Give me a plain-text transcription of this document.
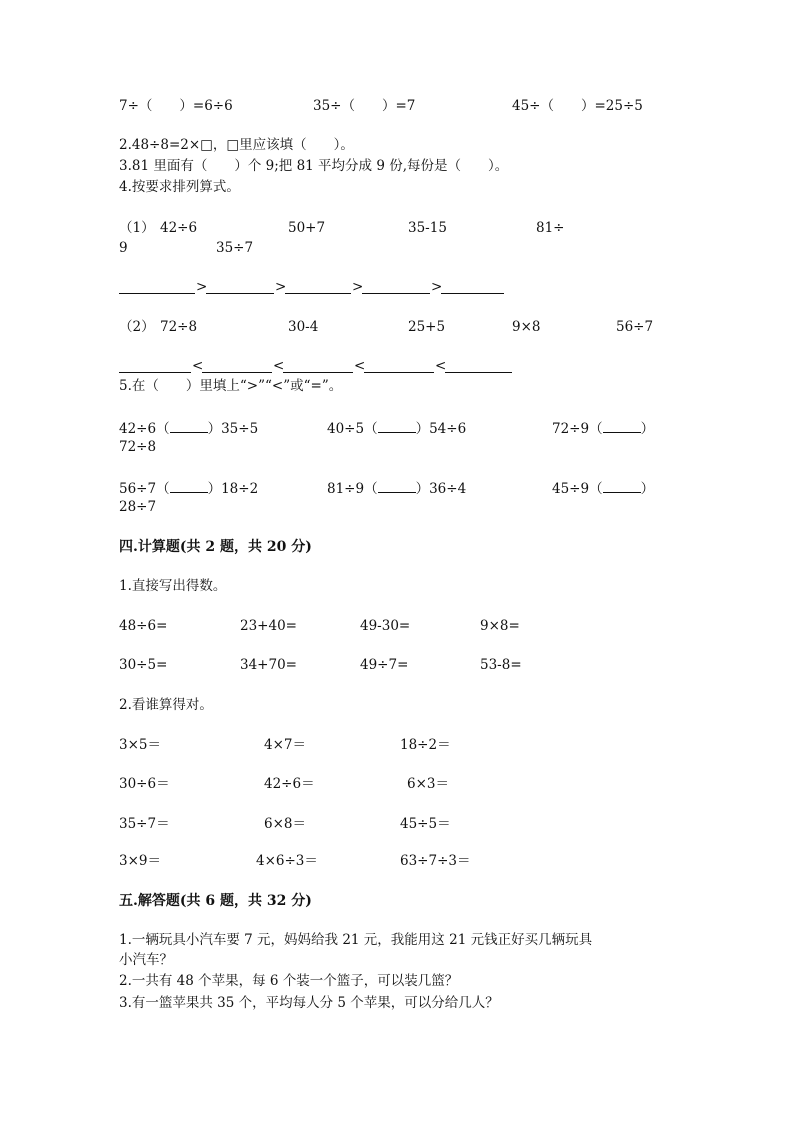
7÷（　　）=6÷6	35÷（　　）=7	45÷（　　）=25÷5
2.48÷8=2×□，□里应该填（　　）。
3.81 里面有（　　）个 9;把 81 平均分成 9 份,每份是（　　）。
4.按要求排列算式。
（1） 42÷6	50+7	35-15	81÷
9	35÷7
>	>	>	>
（2） 72÷8	30-4	25+5	9×8	56÷7
<	<	<	<
5.在（　　）里填上“>”“<”或“=”。
42÷6（	）35÷5	40÷5（	）54÷6	72÷9（	）
72÷8
56÷7（	）18÷2	81÷9（	）36÷4	45÷9（	）
28÷7
四.计算题(共 2 题，共 20 分)
1.直接写出得数。
48÷6=	23+40=	49-30=	9×8=
30÷5=	34+70=	49÷7=	53-8=
2.看谁算得对。
3×5＝	4×7＝	18÷2＝
30÷6＝	42÷6＝	6×3＝
35÷7＝	6×8＝	45÷5＝
3×9＝	4×6÷3＝	63÷7÷3＝
五.解答题(共 6 题，共 32 分)
1.一辆玩具小汽车要 7 元，妈妈给我 21 元，我能用这 21 元钱正好买几辆玩具
小汽车？
2.一共有 48 个苹果，每 6 个装一个篮子，可以装几篮？
3.有一篮苹果共 35 个，平均每人分 5 个苹果，可以分给几人？
